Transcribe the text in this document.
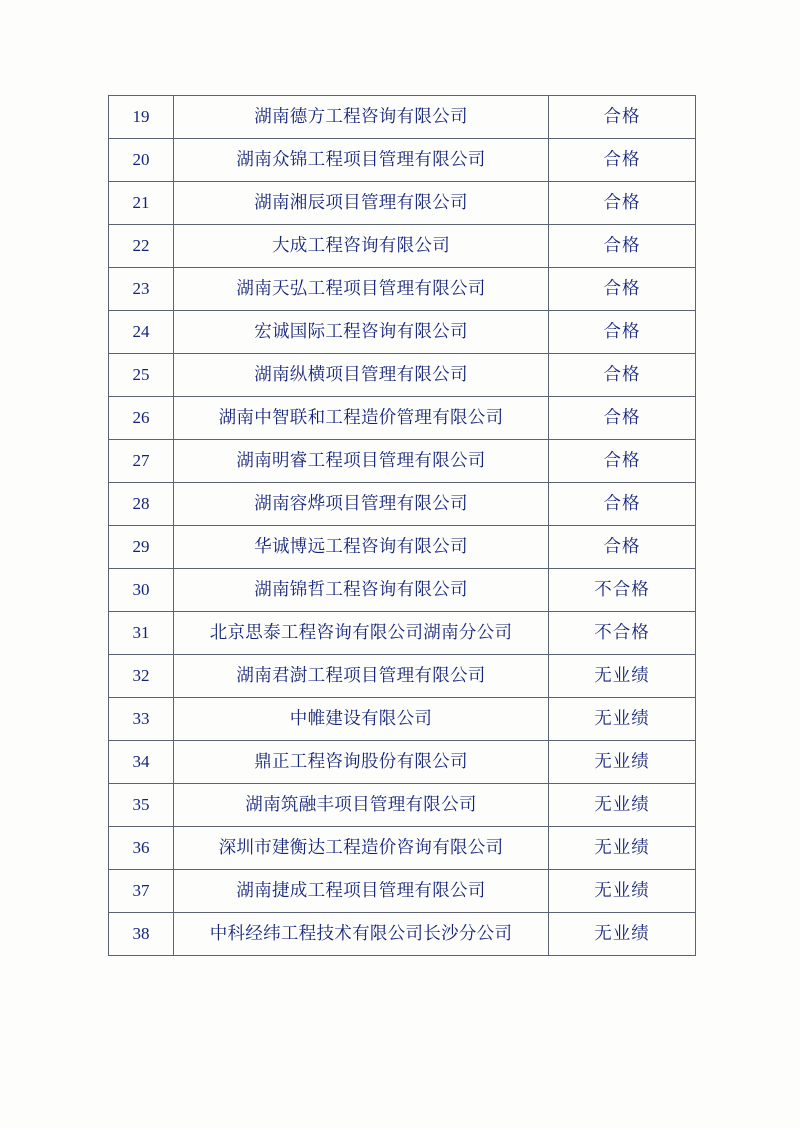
19	湖南德方工程咨询有限公司	合格

20	湖南众锦工程项目管理有限公司	合格

21	湖南湘辰项目管理有限公司	合格

22	大成工程咨询有限公司	合格

23	湖南天弘工程项目管理有限公司	合格

24	宏诚国际工程咨询有限公司	合格

25	湖南纵横项目管理有限公司	合格

26	湖南中智联和工程造价管理有限公司	合格

27	湖南明睿工程项目管理有限公司	合格

28	湖南容烨项目管理有限公司	合格

29	华诚博远工程咨询有限公司	合格

30	湖南锦哲工程咨询有限公司	不合格

31	北京思泰工程咨询有限公司湖南分公司	不合格

32	湖南君澍工程项目管理有限公司	无业绩

33	中帷建设有限公司	无业绩

34	鼎正工程咨询股份有限公司	无业绩

35	湖南筑融丰项目管理有限公司	无业绩

36	深圳市建衡达工程造价咨询有限公司	无业绩

37	湖南捷成工程项目管理有限公司	无业绩

38	中科经纬工程技术有限公司长沙分公司	无业绩
